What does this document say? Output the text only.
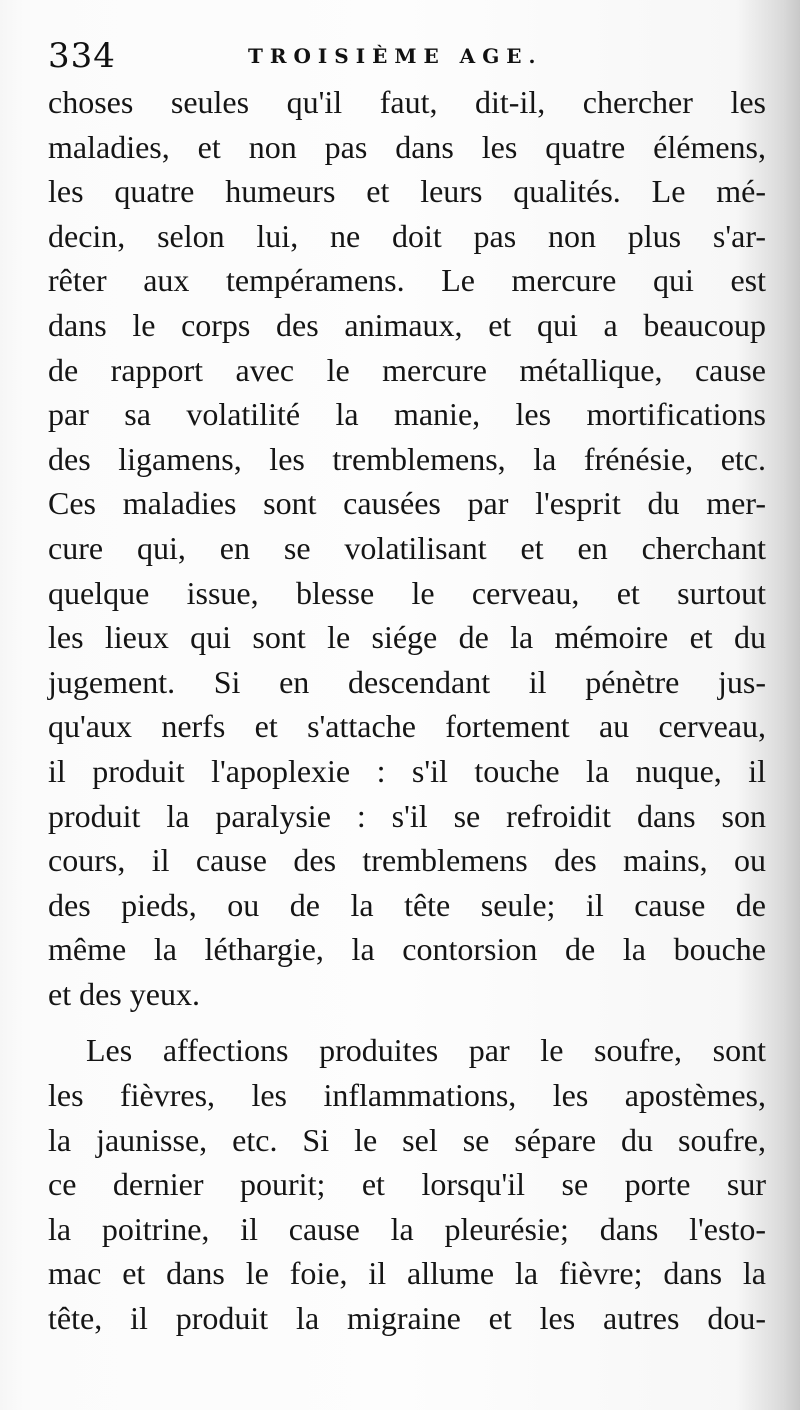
334	TROISIÈME AGE.
choses seules qu'il faut, dit-il, chercher les
maladies, et non pas dans les quatre élémens,
les quatre humeurs et leurs qualités. Le mé-
decin, selon lui, ne doit pas non plus s'ar-
rêter aux tempéramens. Le mercure qui est
dans le corps des animaux, et qui a beaucoup
de rapport avec le mercure métallique, cause
par sa volatilité la manie, les mortifications
des ligamens, les tremblemens, la frénésie, etc.
Ces maladies sont causées par l'esprit du mer-
cure qui, en se volatilisant et en cherchant
quelque issue, blesse le cerveau, et surtout
les lieux qui sont le siége de la mémoire et du
jugement. Si en descendant il pénètre jus-
qu'aux nerfs et s'attache fortement au cerveau,
il produit l'apoplexie : s'il touche la nuque, il
produit la paralysie : s'il se refroidit dans son
cours, il cause des tremblemens des mains, ou
des pieds, ou de la tête seule; il cause de
même la léthargie, la contorsion de la bouche
et des yeux.
Les affections produites par le soufre, sont
les fièvres, les inflammations, les apostèmes,
la jaunisse, etc. Si le sel se sépare du soufre,
ce dernier pourit; et lorsqu'il se porte sur
la poitrine, il cause la pleurésie; dans l'esto-
mac et dans le foie, il allume la fièvre; dans la
tête, il produit la migraine et les autres dou-
